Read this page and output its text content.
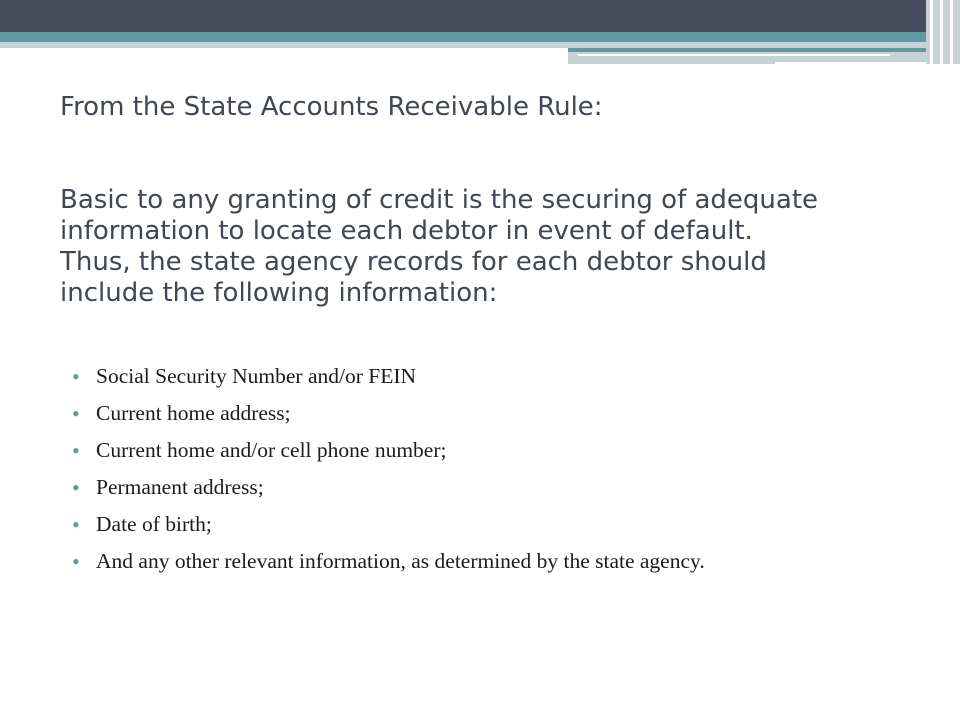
From the State Accounts Receivable Rule:

Basic to any granting of credit is the securing of adequate

information to locate each debtor in event of default.

Thus, the state agency records for each debtor should

include the following information:

• Social Security Number and/or FEIN
• Current home address;
• Current home and/or cell phone number;
• Permanent address;
• Date of birth;
• And any other relevant information, as determined by the state agency.
